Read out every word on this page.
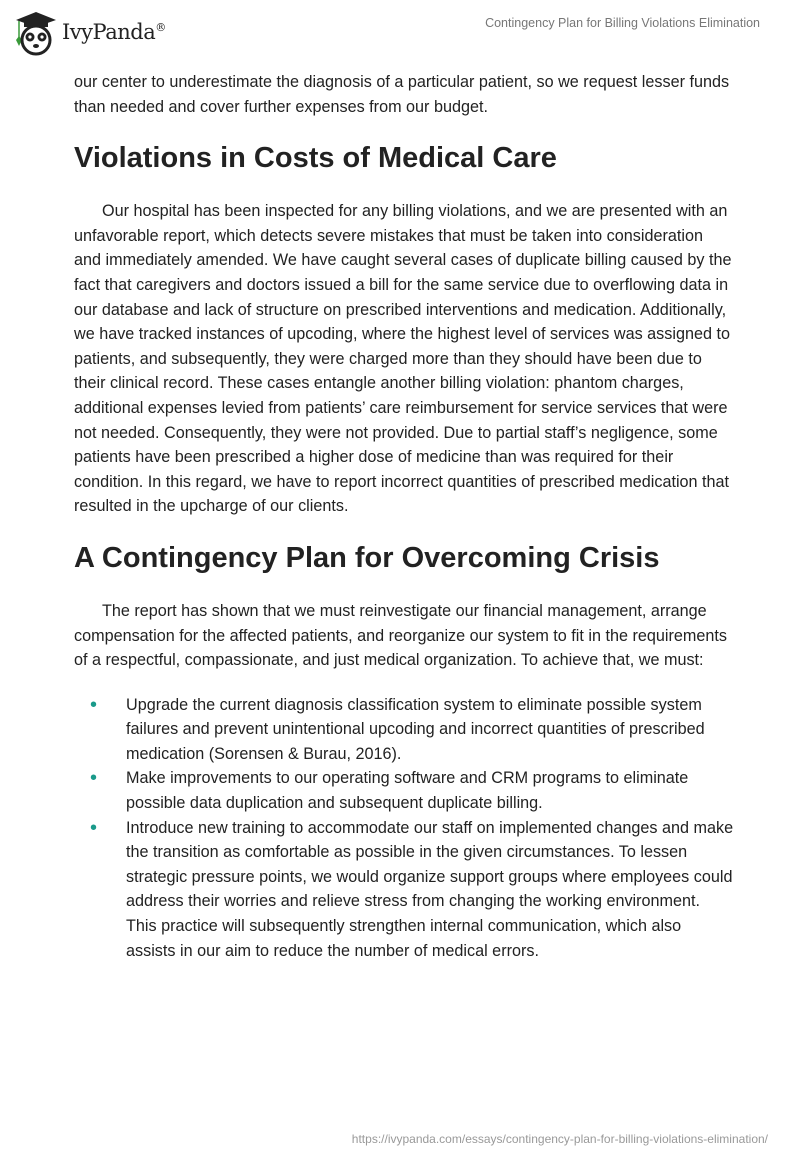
IvyPanda®	Contingency Plan for Billing Violations Elimination

our center to underestimate the diagnosis of a particular patient, so we request lesser funds than needed and cover further expenses from our budget.

Violations in Costs of Medical Care

Our hospital has been inspected for any billing violations, and we are presented with an unfavorable report, which detects severe mistakes that must be taken into consideration and immediately amended. We have caught several cases of duplicate billing caused by the fact that caregivers and doctors issued a bill for the same service due to overflowing data in our database and lack of structure on prescribed interventions and medication. Additionally, we have tracked instances of upcoding, where the highest level of services was assigned to patients, and subsequently, they were charged more than they should have been due to their clinical record. These cases entangle another billing violation: phantom charges, additional expenses levied from patients’ care reimbursement for service services that were not needed. Consequently, they were not provided. Due to partial staff’s negligence, some patients have been prescribed a higher dose of medicine than was required for their condition. In this regard, we have to report incorrect quantities of prescribed medication that resulted in the upcharge of our clients.

A Contingency Plan for Overcoming Crisis

The report has shown that we must reinvestigate our financial management, arrange compensation for the affected patients, and reorganize our system to fit in the requirements of a respectful, compassionate, and just medical organization. To achieve that, we must:

• Upgrade the current diagnosis classification system to eliminate possible system failures and prevent unintentional upcoding and incorrect quantities of prescribed medication (Sorensen & Burau, 2016).
• Make improvements to our operating software and CRM programs to eliminate possible data duplication and subsequent duplicate billing.
• Introduce new training to accommodate our staff on implemented changes and make the transition as comfortable as possible in the given circumstances. To lessen strategic pressure points, we would organize support groups where employees could address their worries and relieve stress from changing the working environment. This practice will subsequently strengthen internal communication, which also assists in our aim to reduce the number of medical errors.
https://ivypanda.com/essays/contingency-plan-for-billing-violations-elimination/
